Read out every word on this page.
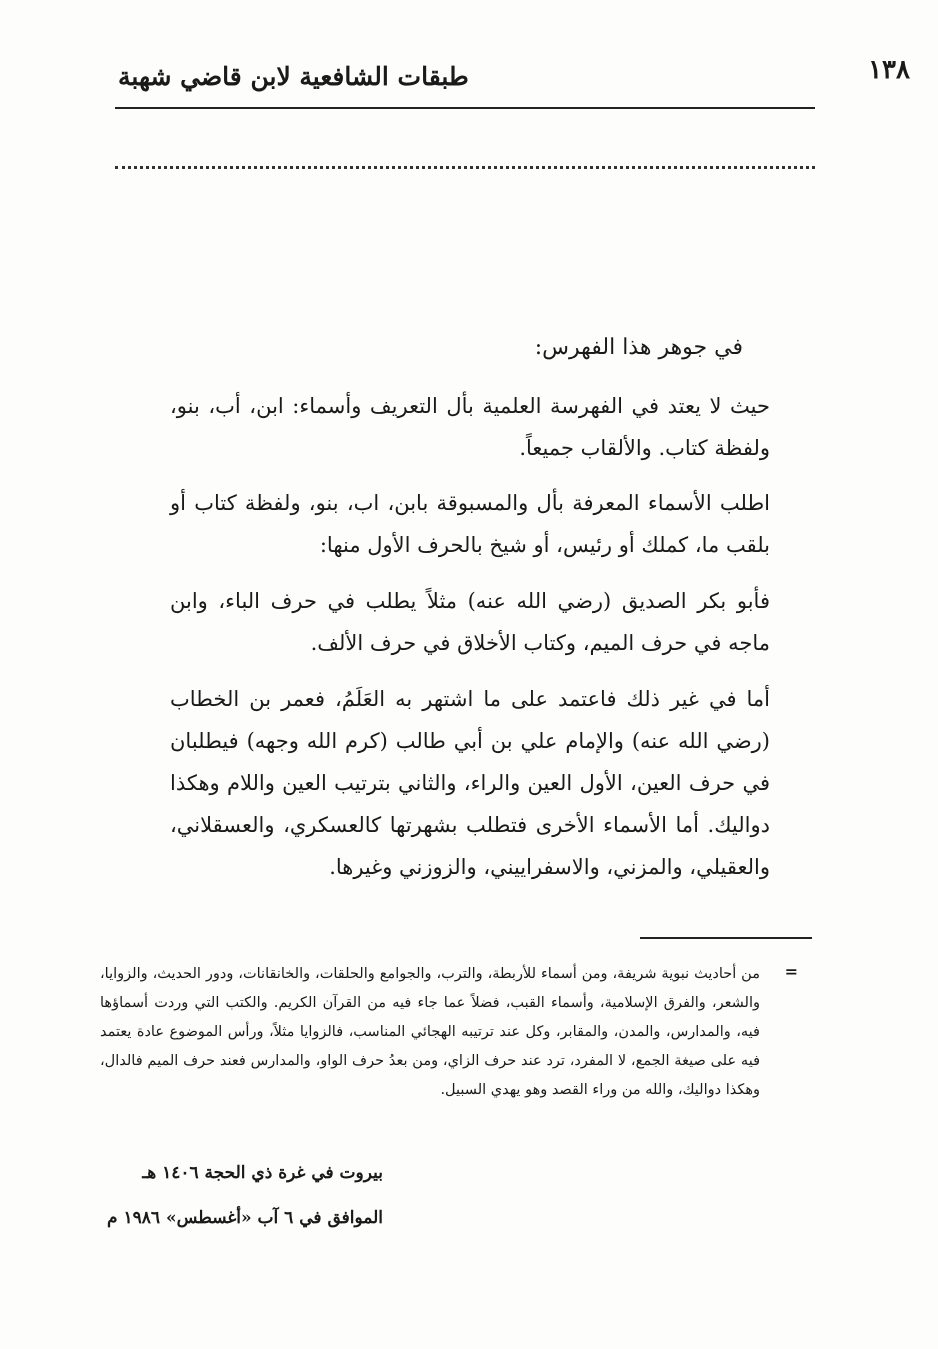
١٣٨
طبقات الشافعية لابن قاضي شهبة
في جوهر هذا الفهرس:

حيث لا يعتد في الفهرسة العلمية بأل التعريف وأسماء: ابن، أب، بنو، ولفظة كتاب. والألقاب جميعاً.

اطلب الأسماء المعرفة بأل والمسبوقة بابن، اب، بنو، ولفظة كتاب أو بلقب ما، كملك أو رئيس، أو شيخ بالحرف الأول منها:

فأبو بكر الصديق (رضي الله عنه) مثلاً يطلب في حرف الباء، وابن ماجه في حرف الميم، وكتاب الأخلاق في حرف الألف.

أما في غير ذلك فاعتمد على ما اشتهر به العَلَمُ، فعمر بن الخطاب (رضي الله عنه) والإمام علي بن أبي طالب (كرم الله وجهه) فيطلبان في حرف العين، الأول العين والراء، والثاني بترتيب العين واللام وهكذا دواليك. أما الأسماء الأخرى فتطلب بشهرتها كالعسكري، والعسقلاني، والعقيلي، والمزني، والاسفراييني، والزوزني وغيرها.

=
من أحاديث نبوية شريفة، ومن أسماء للأربطة، والترب، والجوامع والحلقات، والخانقانات، ودور الحديث، والزوايا، والشعر، والفرق الإسلامية، وأسماء القبب، فضلاً عما جاء فيه من القرآن الكريم. والكتب التي وردت أسماؤها فيه، والمدارس، والمدن، والمقابر، وكل عند ترتيبه الهجائي المناسب، فالزوايا مثلاً، ورأس الموضوع عادة يعتمد فيه على صيغة الجمع، لا المفرد، ترد عند حرف الزاي، ومن بعدُ حرف الواو، والمدارس فعند حرف الميم فالدال، وهكذا دواليك، والله من وراء القصد وهو يهدي السبيل.
بيروت في غرة ذي الحجة ١٤٠٦ هـ
الموافق في ٦ آب «أغسطس» ١٩٨٦ م
